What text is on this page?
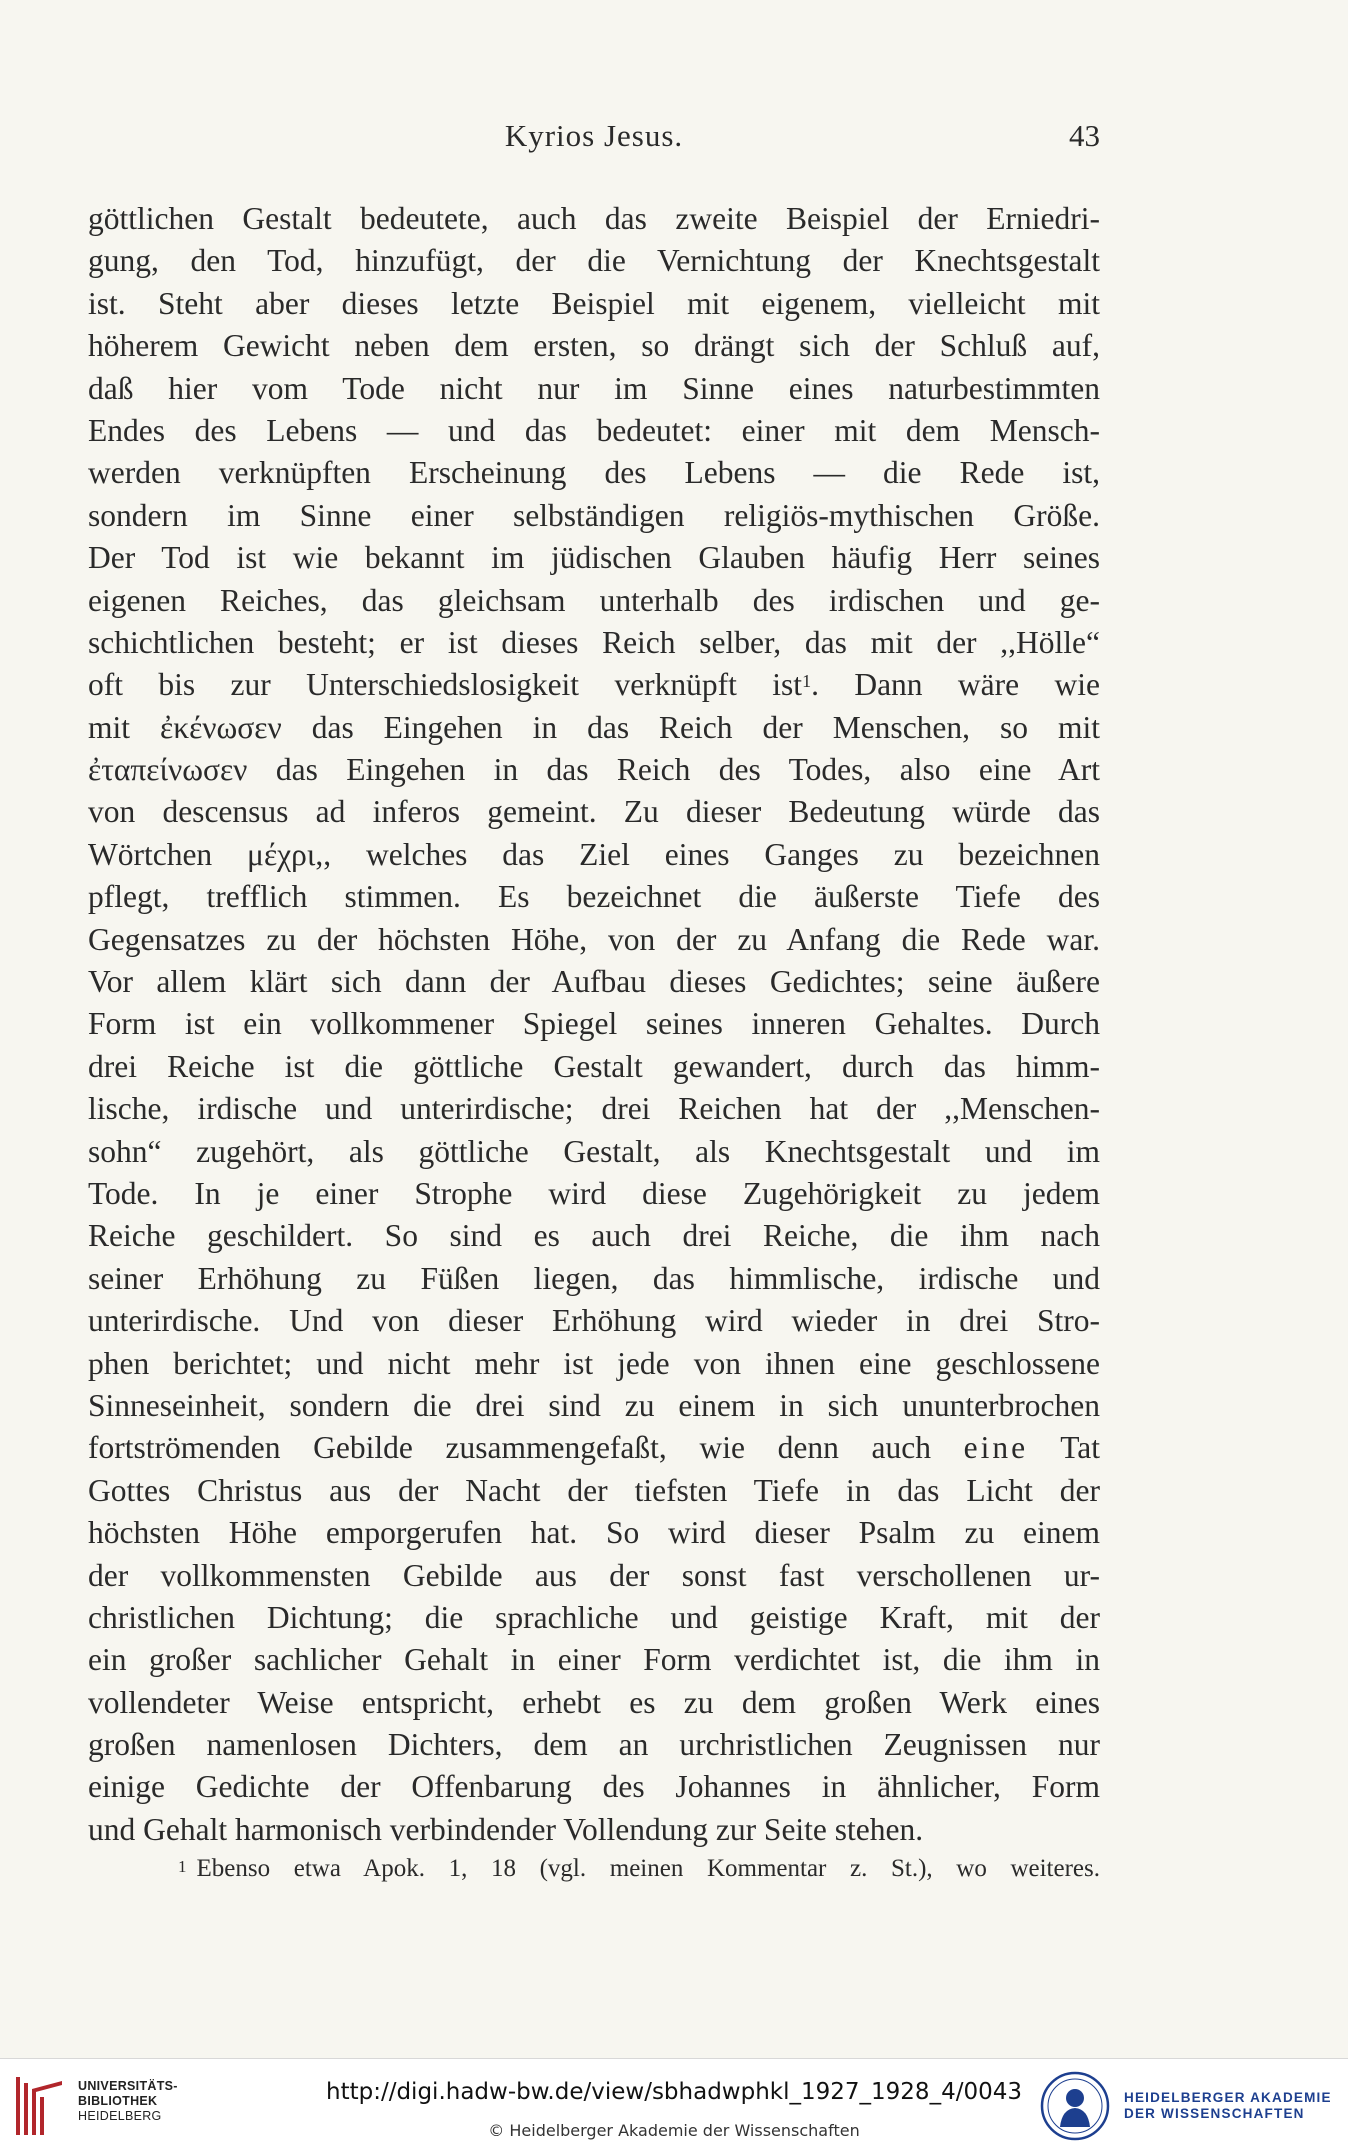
Kyrios Jesus.	43
göttlichen Gestalt bedeutete, auch das zweite Beispiel der Erniedri-
gung, den Tod, hinzufügt, der die Vernichtung der Knechtsgestalt
ist. Steht aber dieses letzte Beispiel mit eigenem, vielleicht mit
höherem Gewicht neben dem ersten, so drängt sich der Schluß auf,
daß hier vom Tode nicht nur im Sinne eines naturbestimmten
Endes des Lebens — und das bedeutet: einer mit dem Mensch-
werden verknüpften Erscheinung des Lebens — die Rede ist,
sondern im Sinne einer selbständigen religiös-mythischen Größe.
Der Tod ist wie bekannt im jüdischen Glauben häufig Herr seines
eigenen Reiches, das gleichsam unterhalb des irdischen und ge-
schichtlichen besteht; er ist dieses Reich selber, das mit der ,,Hölle“
oft bis zur Unterschiedslosigkeit verknüpft ist$^1$. Dann wäre wie
mit ἐκένωσεν das Eingehen in das Reich der Menschen, so mit
ἐταπείνωσεν das Eingehen in das Reich des Todes, also eine Art
von descensus ad inferos gemeint. Zu dieser Bedeutung würde das
Wörtchen μέχρι,, welches das Ziel eines Ganges zu bezeichnen
pflegt, trefflich stimmen. Es bezeichnet die äußerste Tiefe des
Gegensatzes zu der höchsten Höhe, von der zu Anfang die Rede war.
Vor allem klärt sich dann der Aufbau dieses Gedichtes; seine äußere
Form ist ein vollkommener Spiegel seines inneren Gehaltes. Durch
drei Reiche ist die göttliche Gestalt gewandert, durch das himm-
lische, irdische und unterirdische; drei Reichen hat der ,,Menschen-
sohn“ zugehört, als göttliche Gestalt, als Knechtsgestalt und im
Tode. In je einer Strophe wird diese Zugehörigkeit zu jedem
Reiche geschildert. So sind es auch drei Reiche, die ihm nach
seiner Erhöhung zu Füßen liegen, das himmlische, irdische und
unterirdische. Und von dieser Erhöhung wird wieder in drei Stro-
phen berichtet; und nicht mehr ist jede von ihnen eine geschlossene
Sinneseinheit, sondern die drei sind zu einem in sich ununterbrochen
fortströmenden Gebilde zusammengefaßt, wie denn auch eine Tat
Gottes Christus aus der Nacht der tiefsten Tiefe in das Licht der
höchsten Höhe emporgerufen hat. So wird dieser Psalm zu einem
der vollkommensten Gebilde aus der sonst fast verschollenen ur-
christlichen Dichtung; die sprachliche und geistige Kraft, mit der
ein großer sachlicher Gehalt in einer Form verdichtet ist, die ihm in
vollendeter Weise entspricht, erhebt es zu dem großen Werk eines
großen namenlosen Dichters, dem an urchristlichen Zeugnissen nur
einige Gedichte der Offenbarung des Johannes in ähnlicher, Form
und Gehalt harmonisch verbindender Vollendung zur Seite stehen.
$^1$ Ebenso etwa Apok. 1, 18 (vgl. meinen Kommentar z. St.), wo weiteres.
UNIVERSITÄTS-
BIBLIOTHEK
HEIDELBERG
http://digi.hadw-bw.de/view/sbhadwphkl_1927_1928_4/0043
© Heidelberger Akademie der Wissenschaften
HEIDELBERGER AKADEMIE
DER WISSENSCHAFTEN
